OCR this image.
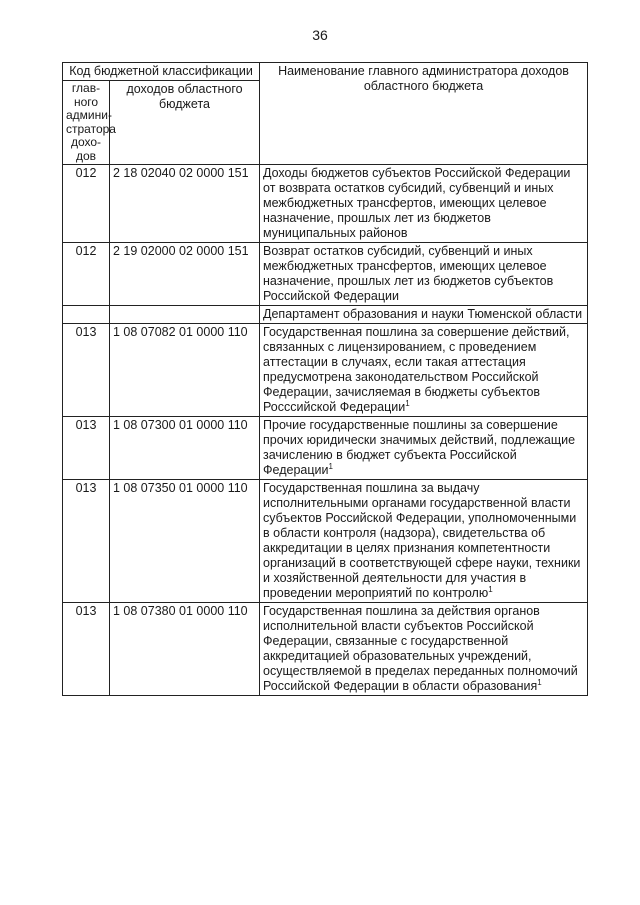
36
Код бюджетной классификации		Наименование главного администратора доходов областного бюджета
глав-ного админи-стратора дохо-дов	доходов областного бюджета	
012	2 18 02040 02 0000 151	Доходы бюджетов субъектов Российской Федерации от возврата остатков субсидий, субвенций и иных межбюджетных трансфертов, имеющих целевое назначение, прошлых лет из бюджетов муниципальных районов
012	2 19 02000 02 0000 151	Возврат остатков субсидий, субвенций и иных межбюджетных трансфертов, имеющих целевое назначение, прошлых лет из бюджетов субъектов Российской Федерации
		Департамент образования и науки Тюменской области
013	1 08 07082 01 0000 110	Государственная пошлина за совершение действий, связанных с лицензированием, с проведением аттестации в случаях, если такая аттестация предусмотрена законодательством Российской Федерации, зачисляемая в бюджеты субъектов Росссийской Федерации$^1$
013	1 08 07300 01 0000 110	Прочие государственные пошлины за совершение прочих юридически значимых действий, подлежащие зачислению в бюджет субъекта Российской Федерации$^1$
013	1 08 07350 01 0000 110	Государственная пошлина за выдачу исполнительными органами государственной власти субъектов Российской Федерации, уполномоченными в области контроля (надзора), свидетельства об аккредитации в целях признания компетентности организаций в соответствующей сфере науки, техники и хозяйственной деятельности для участия в проведении мероприятий по контролю$^1$
013	1 08 07380 01 0000 110	Государственная пошлина за действия органов исполнительной власти субъектов Российской Федерации, связанные с государственной аккредитацией образовательных учреждений, осуществляемой в пределах переданных полномочий Российской Федерации в области образования$^1$
